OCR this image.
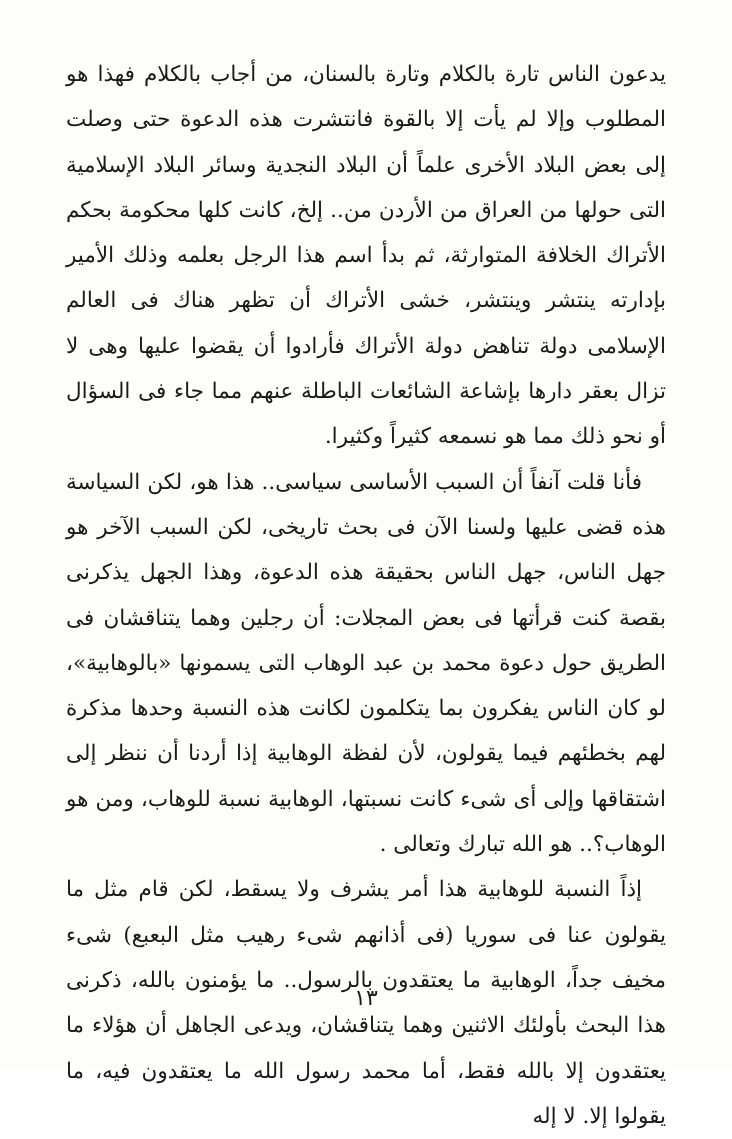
يدعون الناس تارة بالكلام وتارة بالسنان، من أجاب بالكلام فهذا هو المطلوب وإلا لم يأت إلا بالقوة فانتشرت هذه الدعوة حتى وصلت إلى بعض البلاد الأخرى علماً أن البلاد النجدية وسائر البلاد الإسلامية التى حولها من العراق من الأردن من.. إلخ، كانت كلها محكومة بحكم الأتراك الخلافة المتوارثة، ثم بدأ اسم هذا الرجل بعلمه وذلك الأمير بإدارته ينتشر وينتشر، خشى الأتراك أن تظهر هناك فى العالم الإسلامى دولة تناهض دولة الأتراك فأرادوا أن يقضوا عليها وهى لا تزال بعقر دارها بإشاعة الشائعات الباطلة عنهم مما جاء فى السؤال أو نحو ذلك مما هو نسمعه كثيراً وكثيرا.

فأنا قلت آنفاً أن السبب الأساسى سياسى.. هذا هو، لكن السياسة هذه قضى عليها ولسنا الآن فى بحث تاريخى، لكن السبب الآخر هو جهل الناس، جهل الناس بحقيقة هذه الدعوة، وهذا الجهل يذكرنى بقصة كنت قرأتها فى بعض المجلات: أن رجلين وهما يتناقشان فى الطريق حول دعوة محمد بن عبد الوهاب التى يسمونها «بالوهابية»، لو كان الناس يفكرون بما يتكلمون لكانت هذه النسبة وحدها مذكرة لهم بخطئهم فيما يقولون، لأن لفظة الوهابية إذا أردنا أن ننظر إلى اشتقاقها وإلى أى شىء كانت نسبتها، الوهابية نسبة للوهاب، ومن هو الوهاب؟.. هو الله تبارك وتعالى .

إذاً النسبة للوهابية هذا أمر يشرف ولا يسقط، لكن قام مثل ما يقولون عنا فى سوريا (فى أذانهم شىء رهيب مثل البعبع) شىء مخيف جداً، الوهابية ما يعتقدون بالرسول.. ما يؤمنون بالله، ذكرنى هذا البحث بأولئك الاثنين وهما يتناقشان، ويدعى الجاهل أن هؤلاء ما يعتقدون إلا بالله فقط، أما محمد رسول الله ما يعتقدون فيه، ما يقولوا إلا. لا إله

١٣
